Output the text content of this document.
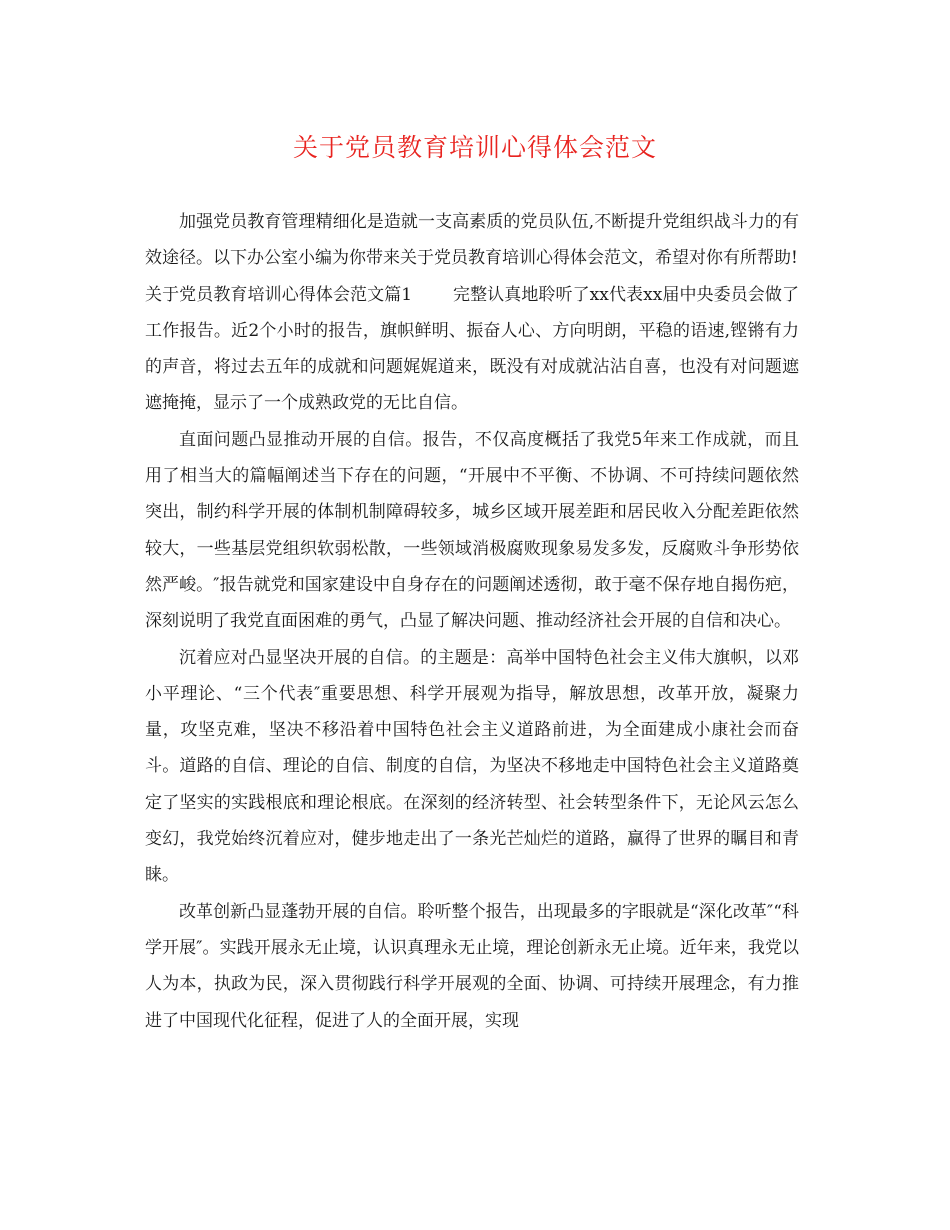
关于党员教育培训心得体会范文

加强党员教育管理精细化是造就一支高素质的党员队伍,不断提升党组织战斗力的有效途径。以下办公室小编为你带来关于党员教育培训心得体会范文，希望对你有所帮助!

关于党员教育培训心得体会范文篇1 完整认真地聆听了xx代表xx届中央委员会做了工作报告。近2个小时的报告，旗帜鲜明、振奋人心、方向明朗，平稳的语速,铿锵有力的声音，将过去五年的成就和问题娓娓道来，既没有对成就沾沾自喜，也没有对问题遮遮掩掩，显示了一个成熟政党的无比自信。

直面问题凸显推动开展的自信。报告，不仅高度概括了我党5年来工作成就，而且用了相当大的篇幅阐述当下存在的问题，“开展中不平衡、不协调、不可持续问题依然突出，制约科学开展的体制机制障碍较多，城乡区域开展差距和居民收入分配差距依然较大，一些基层党组织软弱松散，一些领域消极腐败现象易发多发，反腐败斗争形势依然严峻。″报告就党和国家建设中自身存在的问题阐述透彻，敢于毫不保存地自揭伤疤，深刻说明了我党直面困难的勇气，凸显了解决问题、推动经济社会开展的自信和决心。

沉着应对凸显坚决开展的自信。的主题是：高举中国特色社会主义伟大旗帜，以邓小平理论、“三个代表″重要思想、科学开展观为指导，解放思想，改革开放，凝聚力量，攻坚克难，坚决不移沿着中国特色社会主义道路前进，为全面建成小康社会而奋斗。道路的自信、理论的自信、制度的自信，为坚决不移地走中国特色社会主义道路奠定了坚实的实践根底和理论根底。在深刻的经济转型、社会转型条件下，无论风云怎么变幻，我党始终沉着应对，健步地走出了一条光芒灿烂的道路，赢得了世界的瞩目和青睐。

改革创新凸显蓬勃开展的自信。聆听整个报告，出现最多的字眼就是“深化改革″“科学开展″。实践开展永无止境，认识真理永无止境，理论创新永无止境。近年来，我党以人为本，执政为民，深入贯彻践行科学开展观的全面、协调、可持续开展理念，有力推进了中国现代化征程，促进了人的全面开展，实现
